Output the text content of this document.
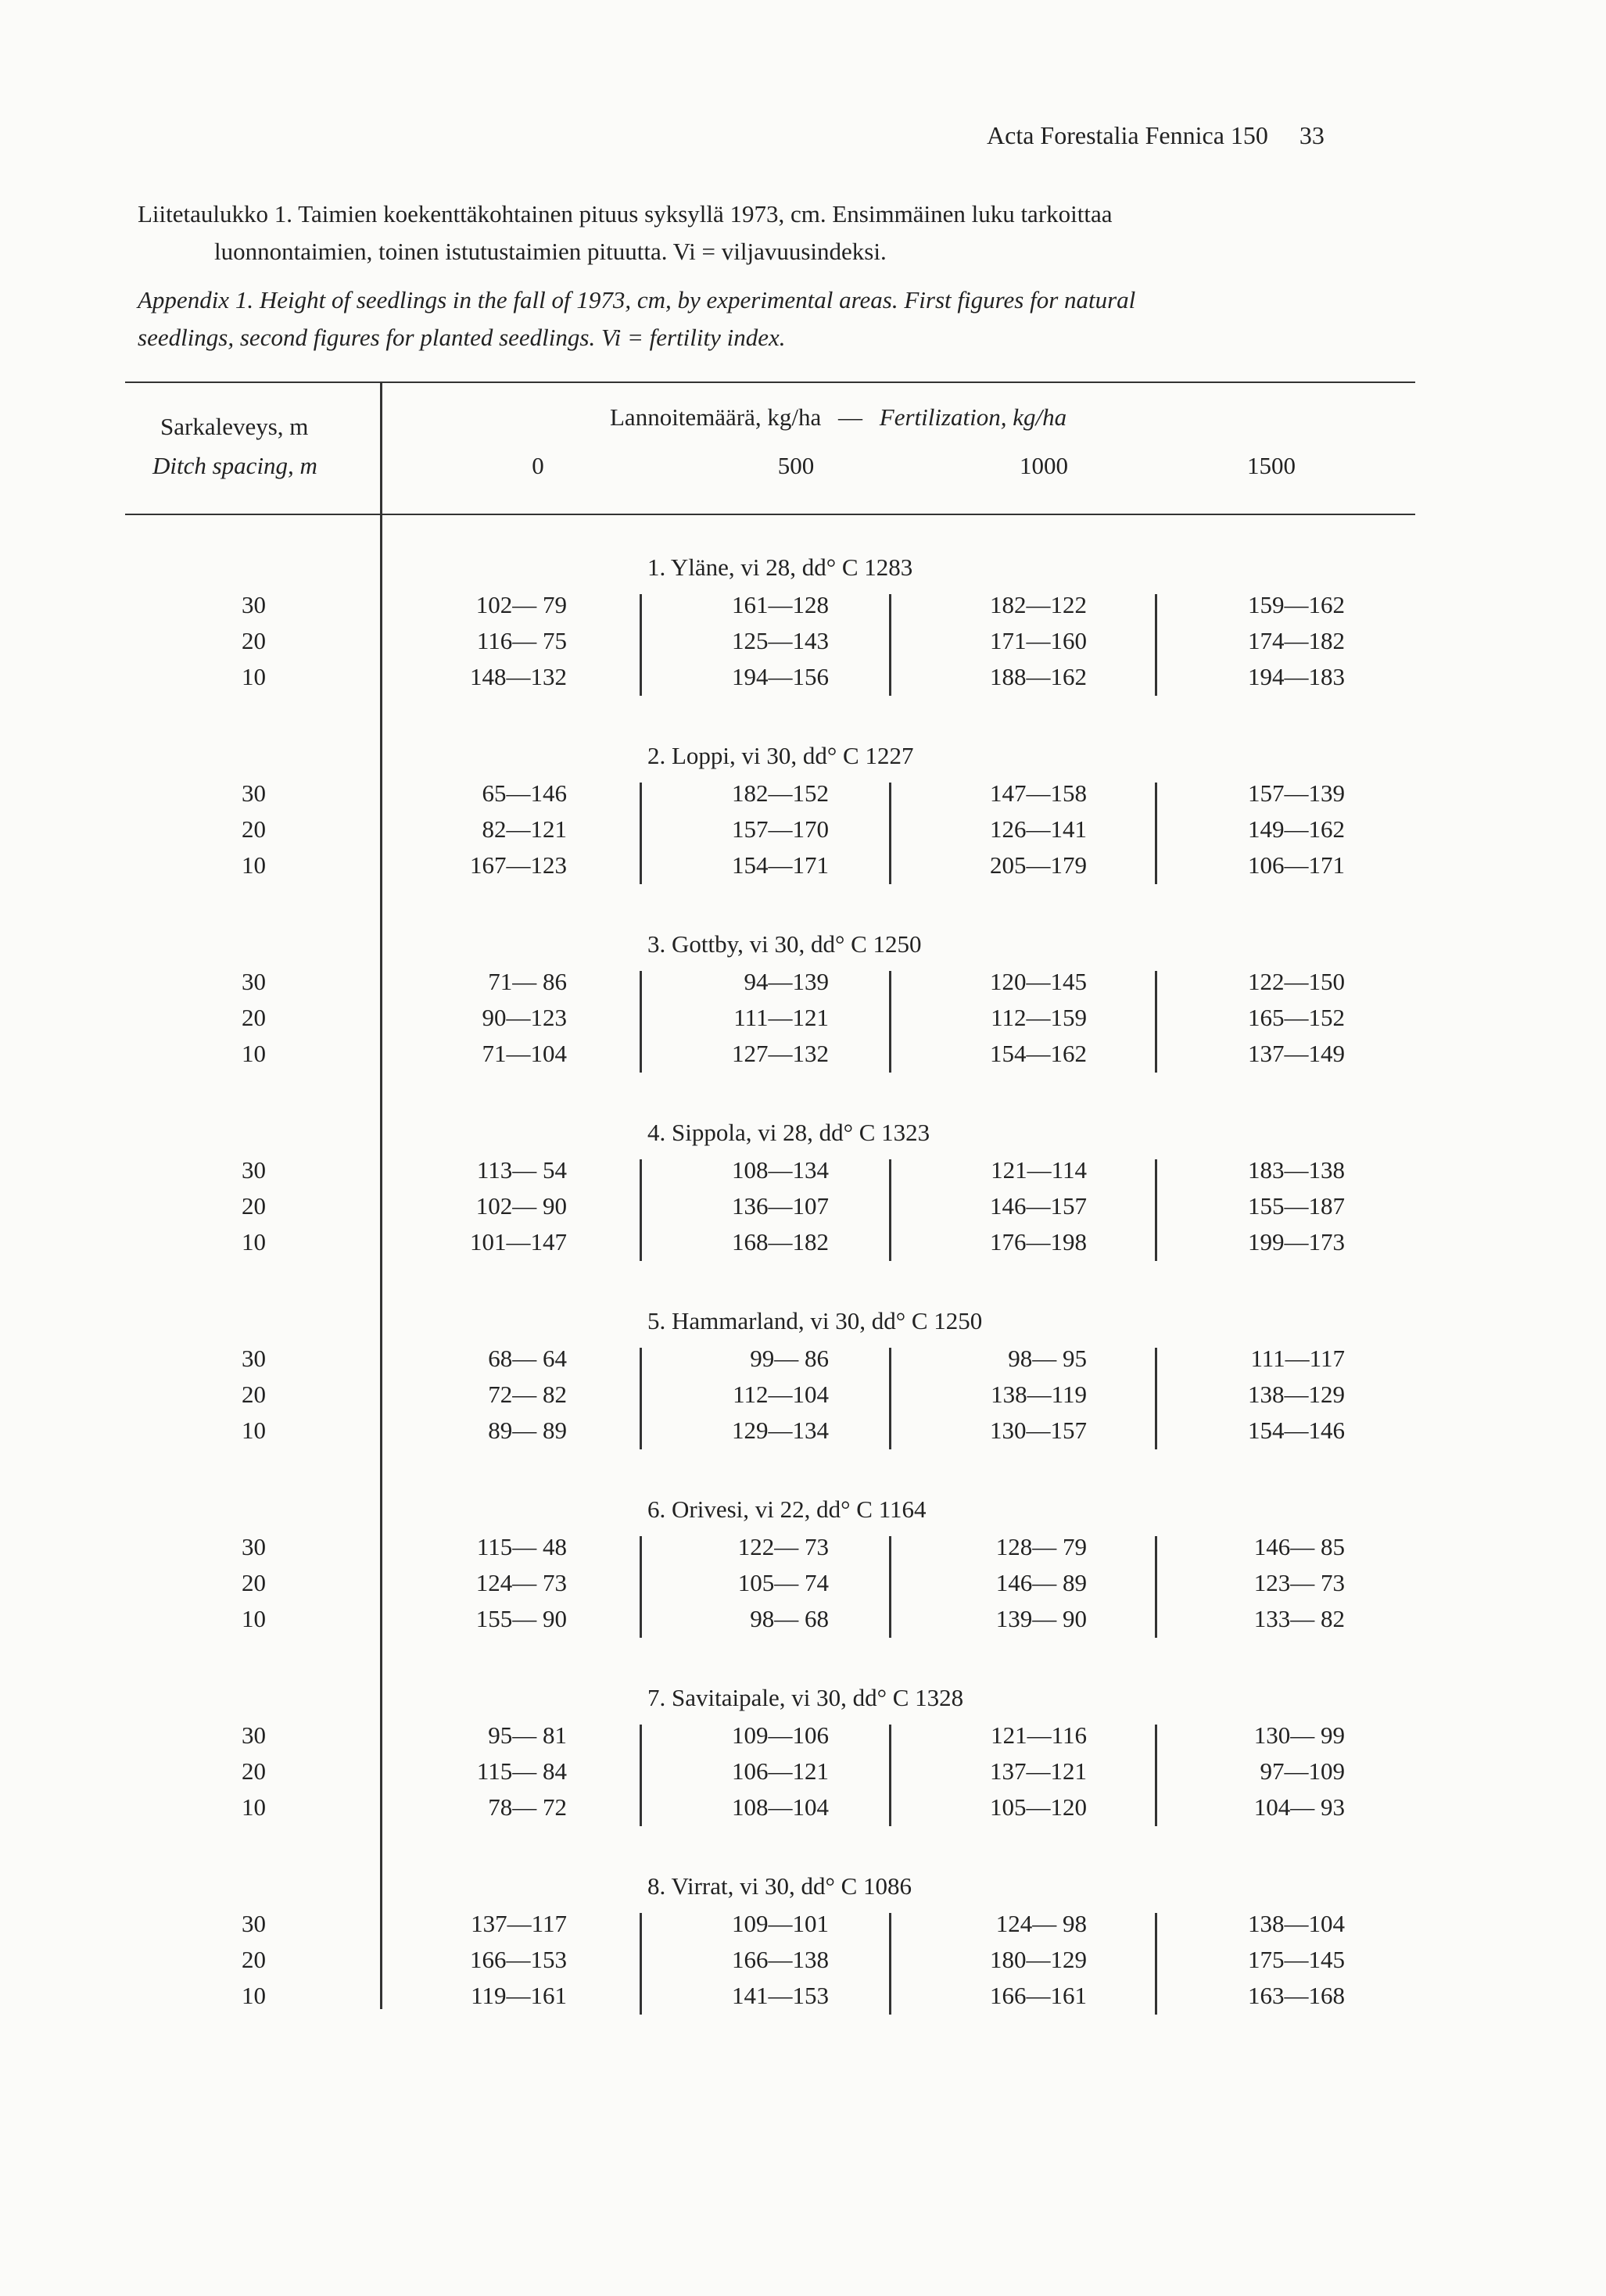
Acta Forestalia Fennica 150 33
Liitetaulukko 1. Taimien koekenttäkohtainen pituus syksyllä 1973, cm. Ensimmäinen luku tarkoittaa
luonnontaimien, toinen istutustaimien pituutta. Vi = viljavuusindeksi.
Appendix 1. Height of seedlings in the fall of 1973, cm, by experimental areas. First figures for natural
seedlings, second figures for planted seedlings. Vi = fertility index.
Sarkaleveys, m
Ditch spacing, m
Lannoitemäärä, kg/ha — Fertilization, kg/ha
0	500	1000	1500
1. Yläne, vi 28, dd° C 1283
30	102— 79	161—128	182—122	159—162
20	116— 75	125—143	171—160	174—182
10	148—132	194—156	188—162	194—183
2. Loppi, vi 30, dd° C 1227
30	65—146	182—152	147—158	157—139
20	82—121	157—170	126—141	149—162
10	167—123	154—171	205—179	106—171
3. Gottby, vi 30, dd° C 1250
30	71— 86	94—139	120—145	122—150
20	90—123	111—121	112—159	165—152
10	71—104	127—132	154—162	137—149
4. Sippola, vi 28, dd° C 1323
30	113— 54	108—134	121—114	183—138
20	102— 90	136—107	146—157	155—187
10	101—147	168—182	176—198	199—173
5. Hammarland, vi 30, dd° C 1250
30	68— 64	99— 86	98— 95	111—117
20	72— 82	112—104	138—119	138—129
10	89— 89	129—134	130—157	154—146
6. Orivesi, vi 22, dd° C 1164
30	115— 48	122— 73	128— 79	146— 85
20	124— 73	105— 74	146— 89	123— 73
10	155— 90	98— 68	139— 90	133— 82
7. Savitaipale, vi 30, dd° C 1328
30	95— 81	109—106	121—116	130— 99
20	115— 84	106—121	137—121	97—109
10	78— 72	108—104	105—120	104— 93
8. Virrat, vi 30, dd° C 1086
30	137—117	109—101	124— 98	138—104
20	166—153	166—138	180—129	175—145
10	119—161	141—153	166—161	163—168
